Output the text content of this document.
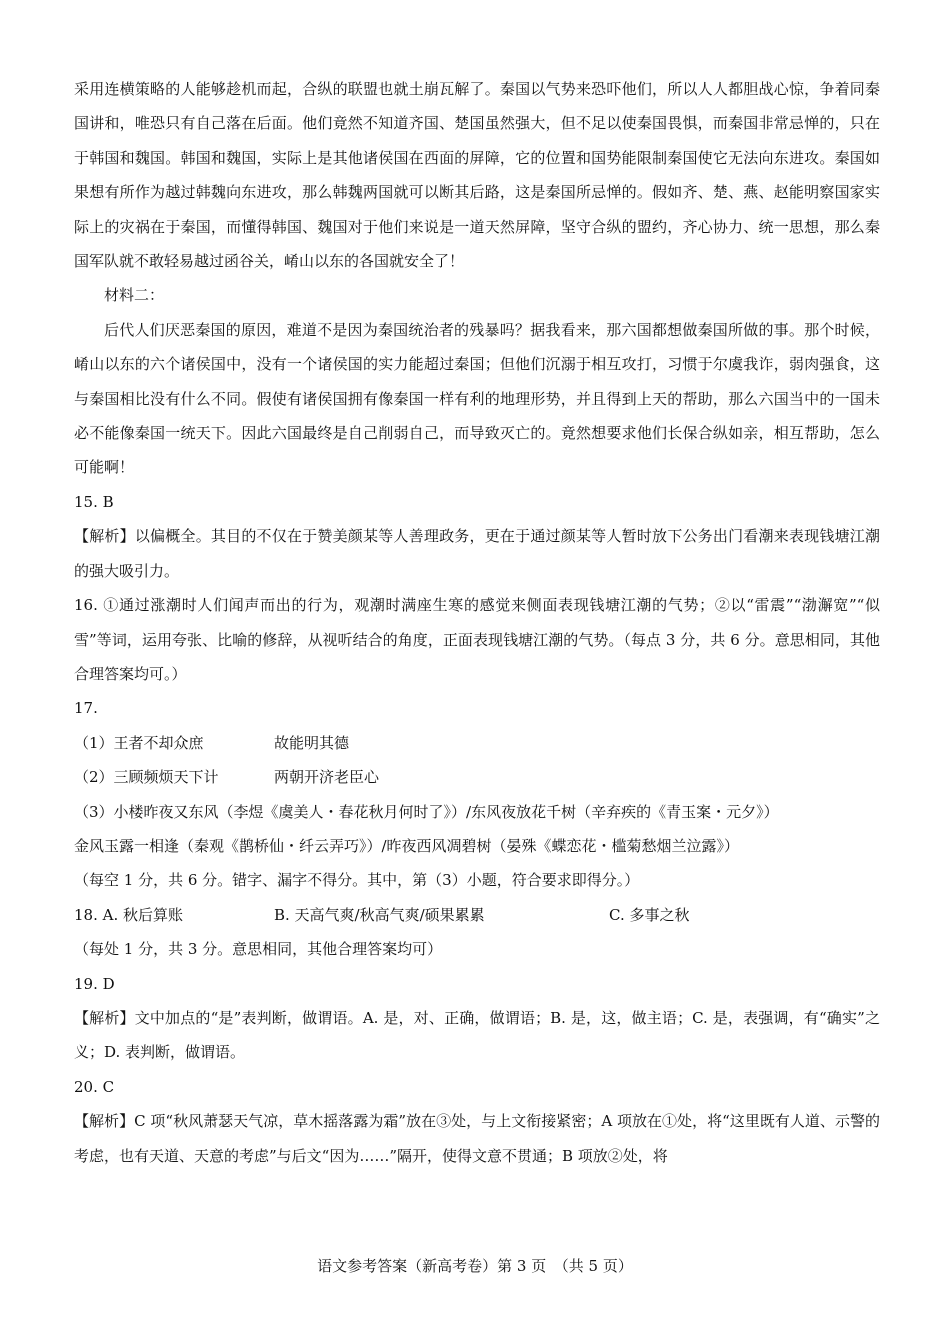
采用连横策略的人能够趁机而起，合纵的联盟也就土崩瓦解了。秦国以气势来恐吓他们，所以人人都胆战心惊，争着同秦国讲和，唯恐只有自己落在后面。他们竟然不知道齐国、楚国虽然强大，但不足以使秦国畏惧，而秦国非常忌惮的，只在于韩国和魏国。韩国和魏国，实际上是其他诸侯国在西面的屏障，它的位置和国势能限制秦国使它无法向东进攻。秦国如果想有所作为越过韩魏向东进攻，那么韩魏两国就可以断其后路，这是秦国所忌惮的。假如齐、楚、燕、赵能明察国家实际上的灾祸在于秦国，而懂得韩国、魏国对于他们来说是一道天然屏障，坚守合纵的盟约，齐心协力、统一思想，那么秦国军队就不敢轻易越过函谷关，崤山以东的各国就安全了！

材料二：

后代人们厌恶秦国的原因，难道不是因为秦国统治者的残暴吗？据我看来，那六国都想做秦国所做的事。那个时候，崤山以东的六个诸侯国中，没有一个诸侯国的实力能超过秦国；但他们沉溺于相互攻打，习惯于尔虞我诈，弱肉强食，这与秦国相比没有什么不同。假使有诸侯国拥有像秦国一样有利的地理形势，并且得到上天的帮助，那么六国当中的一国未必不能像秦国一统天下。因此六国最终是自己削弱自己，而导致灭亡的。竟然想要求他们长保合纵如亲，相互帮助，怎么可能啊！

15. B

【解析】以偏概全。其目的不仅在于赞美颜某等人善理政务，更在于通过颜某等人暂时放下公务出门看潮来表现钱塘江潮的强大吸引力。

16. ①通过涨潮时人们闻声而出的行为，观潮时满座生寒的感觉来侧面表现钱塘江潮的气势；②以“雷震”“渤澥宽”“似雪”等词，运用夸张、比喻的修辞，从视听结合的角度，正面表现钱塘江潮的气势。（每点 3 分，共 6 分。意思相同，其他合理答案均可。）

17.

（1）王者不却众庶	故能明其德
（2）三顾频烦天下计	两朝开济老臣心

（3）小楼昨夜又东风（李煜《虞美人・春花秋月何时了》）/东风夜放花千树（辛弃疾的《青玉案・元夕》）

金风玉露一相逢（秦观《鹊桥仙・纤云弄巧》）/昨夜西风凋碧树（晏殊《蝶恋花・槛菊愁烟兰泣露》）

（每空 1 分，共 6 分。错字、漏字不得分。其中，第（3）小题，符合要求即得分。）

18. A. 秋后算账	B. 天高气爽/秋高气爽/硕果累累	C. 多事之秋

（每处 1 分，共 3 分。意思相同，其他合理答案均可）

19. D

【解析】文中加点的“是”表判断，做谓语。A. 是，对、正确，做谓语；B. 是，这，做主语；C. 是，表强调，有“确实”之义；D. 表判断，做谓语。

20. C

【解析】C 项“秋风萧瑟天气凉，草木摇落露为霜”放在③处，与上文衔接紧密；A 项放在①处，将“这里既有人道、示警的考虑，也有天道、天意的考虑”与后文“因为……”隔开，使得文意不贯通；B 项放②处，将

语文参考答案（新高考卷）第 3 页　（共 5 页）
